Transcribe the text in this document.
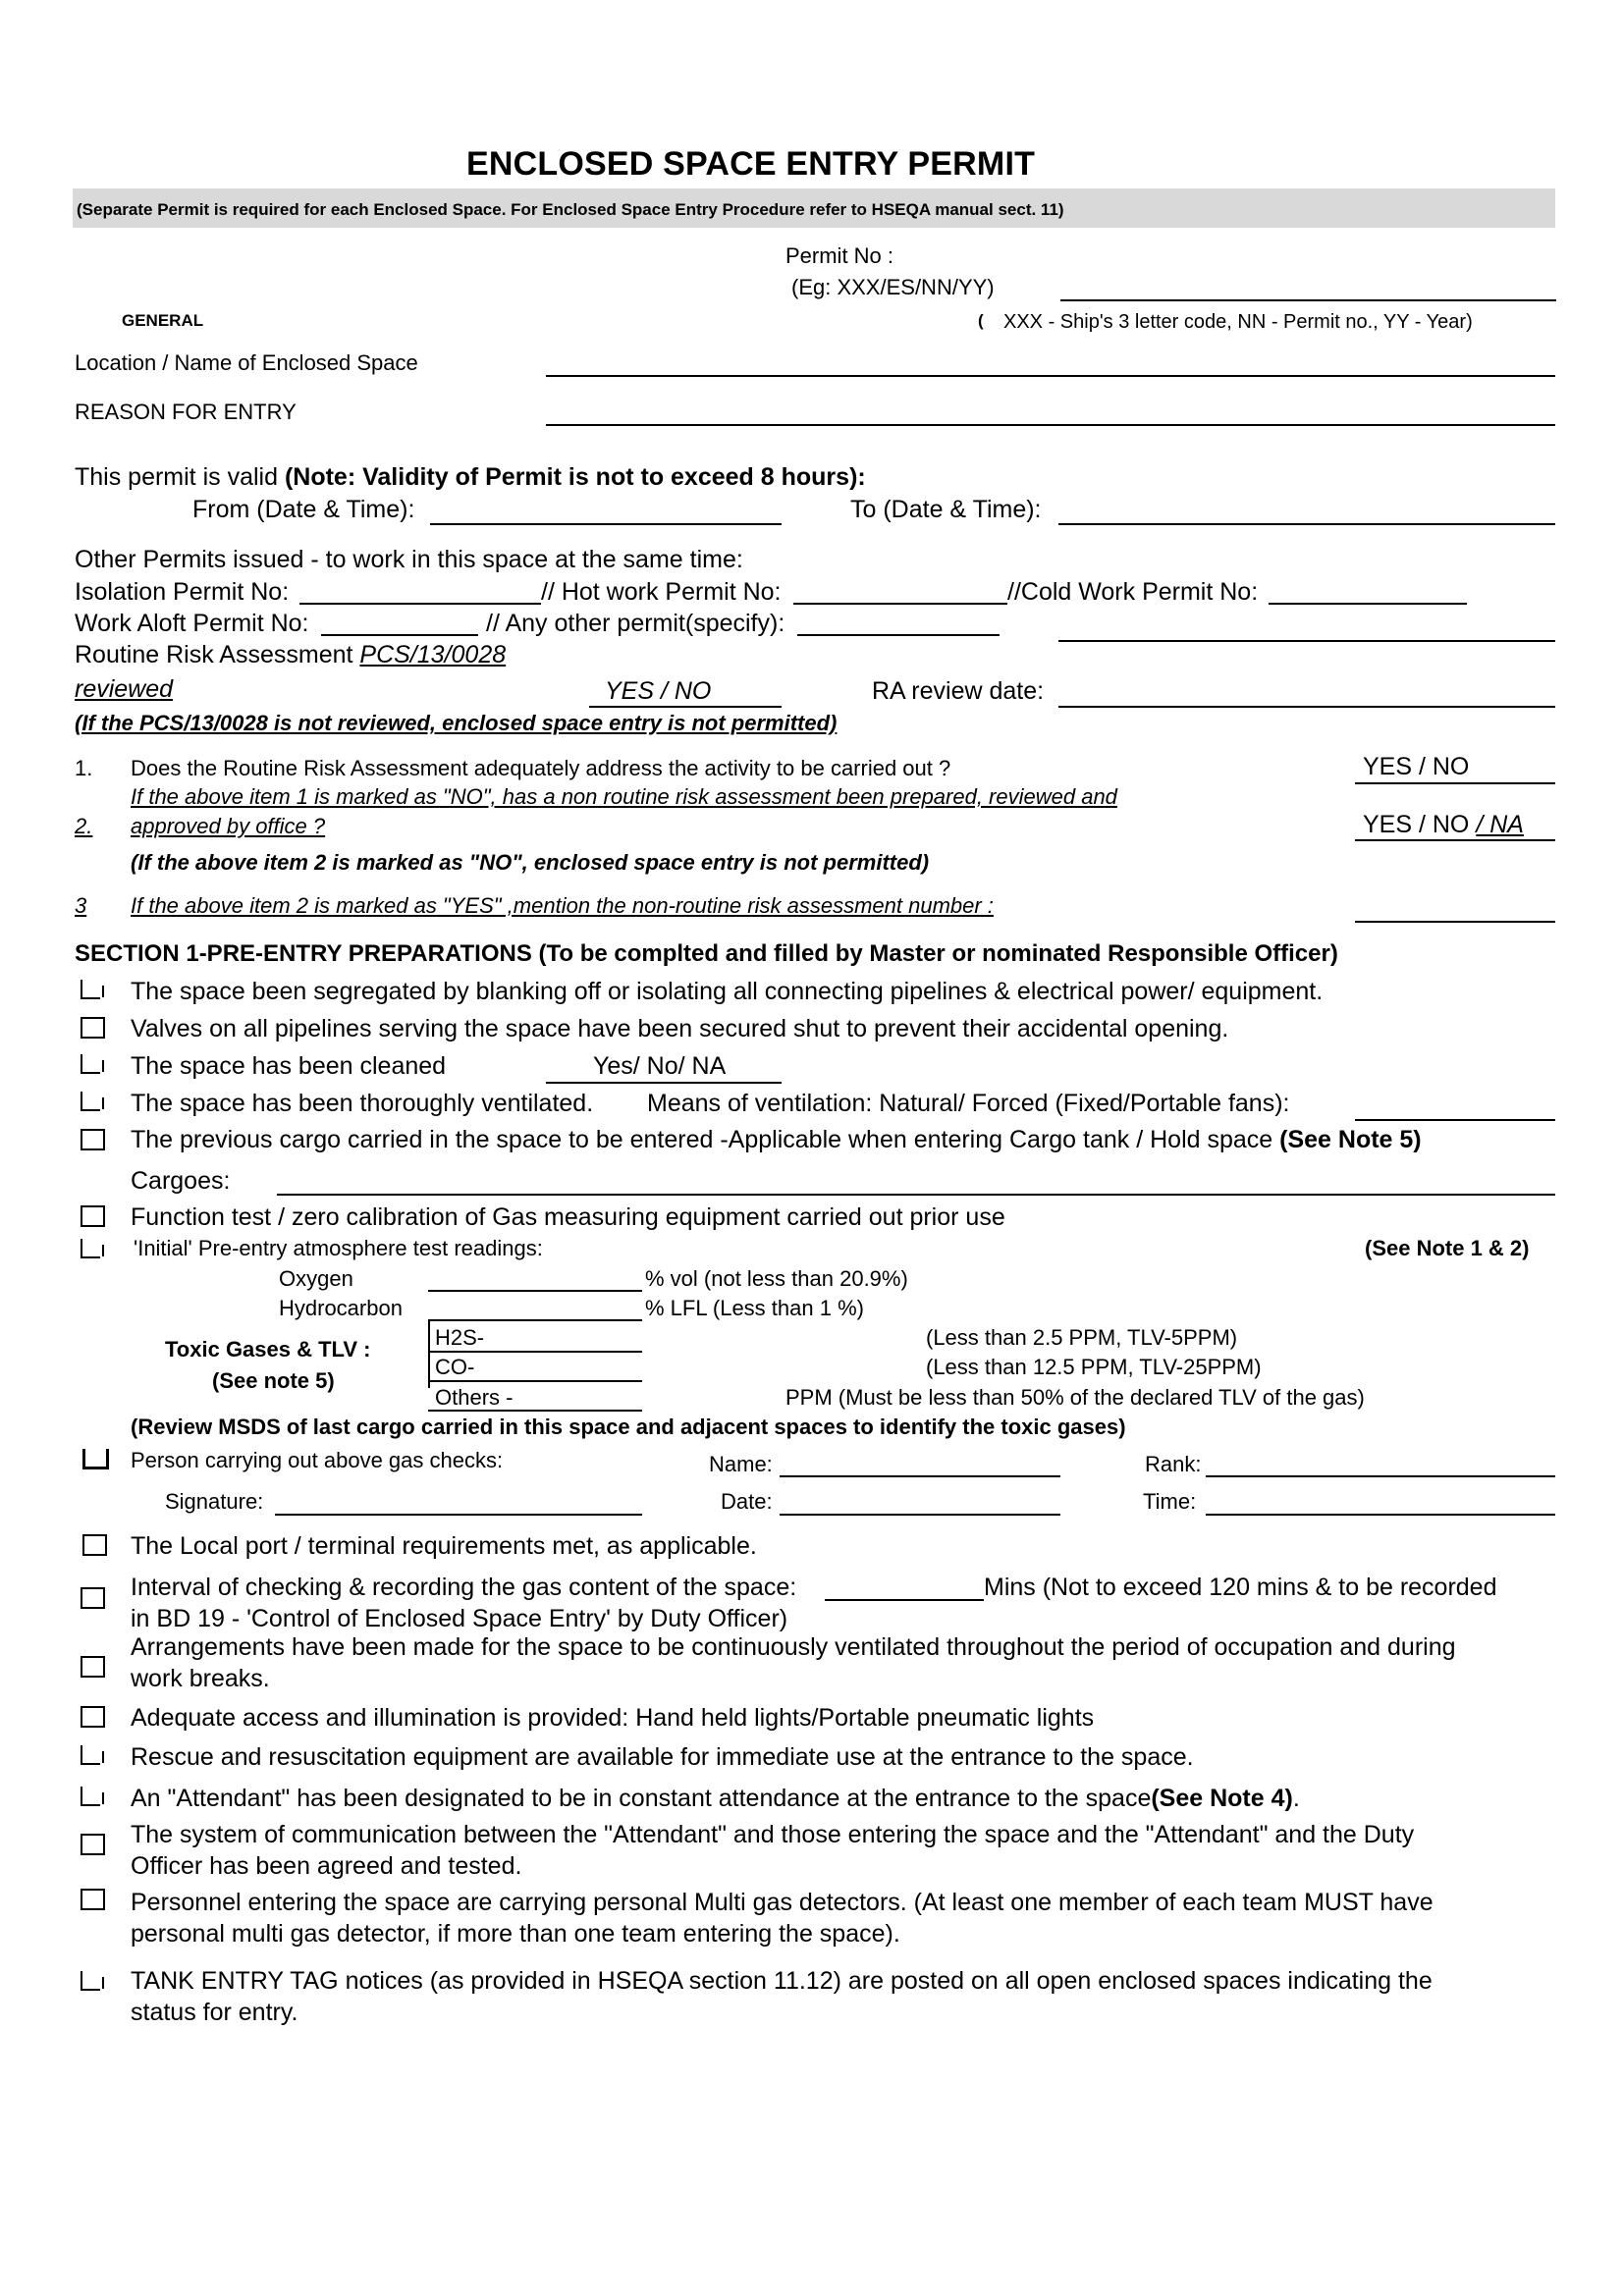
ENCLOSED SPACE ENTRY PERMIT
(Separate Permit is required for each Enclosed Space. For Enclosed Space Entry Procedure refer to HSEQA manual sect. 11)
Permit No :
(Eg: XXX/ES/NN/YY)
GENERAL	( XXX - Ship's 3 letter code, NN - Permit no., YY - Year)
Location / Name of Enclosed Space
REASON FOR ENTRY
This permit is valid (Note: Validity of Permit is not to exceed 8 hours):
From (Date & Time):	To (Date & Time):
Other Permits issued - to work in this space at the same time:
Isolation Permit No:	// Hot work Permit No:	//Cold Work Permit No:
Work Aloft Permit No:	// Any other permit(specify):
Routine Risk Assessment PCS/13/0028
reviewed	YES / NO	RA review date:
(If the PCS/13/0028 is not reviewed, enclosed space entry is not permitted)
1. Does the Routine Risk Assessment adequately address the activity to be carried out ?	YES / NO
If the above item 1 is marked as "NO", has a non routine risk assessment been prepared, reviewed and
2. approved by office ?	YES / NO / NA
(If the above item 2 is marked as "NO", enclosed space entry is not permitted)
3 If the above item 2 is marked as "YES" ,mention the non-routine risk assessment number :
SECTION 1-PRE-ENTRY PREPARATIONS (To be complted and filled by Master or nominated Responsible Officer)
The space been segregated by blanking off or isolating all connecting pipelines & electrical power/ equipment.
Valves on all pipelines serving the space have been secured shut to prevent their accidental opening.
The space has been cleaned	Yes/ No/ NA
The space has been thoroughly ventilated. Means of ventilation: Natural/ Forced (Fixed/Portable fans):
The previous cargo carried in the space to be entered -Applicable when entering Cargo tank / Hold space (See Note 5)
Cargoes:
Function test / zero calibration of Gas measuring equipment carried out prior use
'Initial' Pre-entry atmosphere test readings:	(See Note 1 & 2)
Oxygen	% vol (not less than 20.9%)
Hydrocarbon	% LFL (Less than 1 %)
Toxic Gases & TLV :
(See note 5)
H2S-	(Less than 2.5 PPM, TLV-5PPM)
CO-	(Less than 12.5 PPM, TLV-25PPM)
Others -	PPM (Must be less than 50% of the declared TLV of the gas)
(Review MSDS of last cargo carried in this space and adjacent spaces to identify the toxic gases)
Person carrying out above gas checks:	Name:	Rank:
Signature:	Date:	Time:
The Local port / terminal requirements met, as applicable.
Interval of checking & recording the gas content of the space:	Mins (Not to exceed 120 mins & to be recorded
in BD 19 - 'Control of Enclosed Space Entry' by Duty Officer)
Arrangements have been made for the space to be continuously ventilated throughout the period of occupation and during
work breaks.
Adequate access and illumination is provided: Hand held lights/Portable pneumatic lights
Rescue and resuscitation equipment are available for immediate use at the entrance to the space.
An "Attendant" has been designated to be in constant attendance at the entrance to the space(See Note 4).
The system of communication between the "Attendant" and those entering the space and the "Attendant" and the Duty
Officer has been agreed and tested.
Personnel entering the space are carrying personal Multi gas detectors. (At least one member of each team MUST have
personal multi gas detector, if more than one team entering the space).
TANK ENTRY TAG notices (as provided in HSEQA section 11.12) are posted on all open enclosed spaces indicating the
status for entry.
